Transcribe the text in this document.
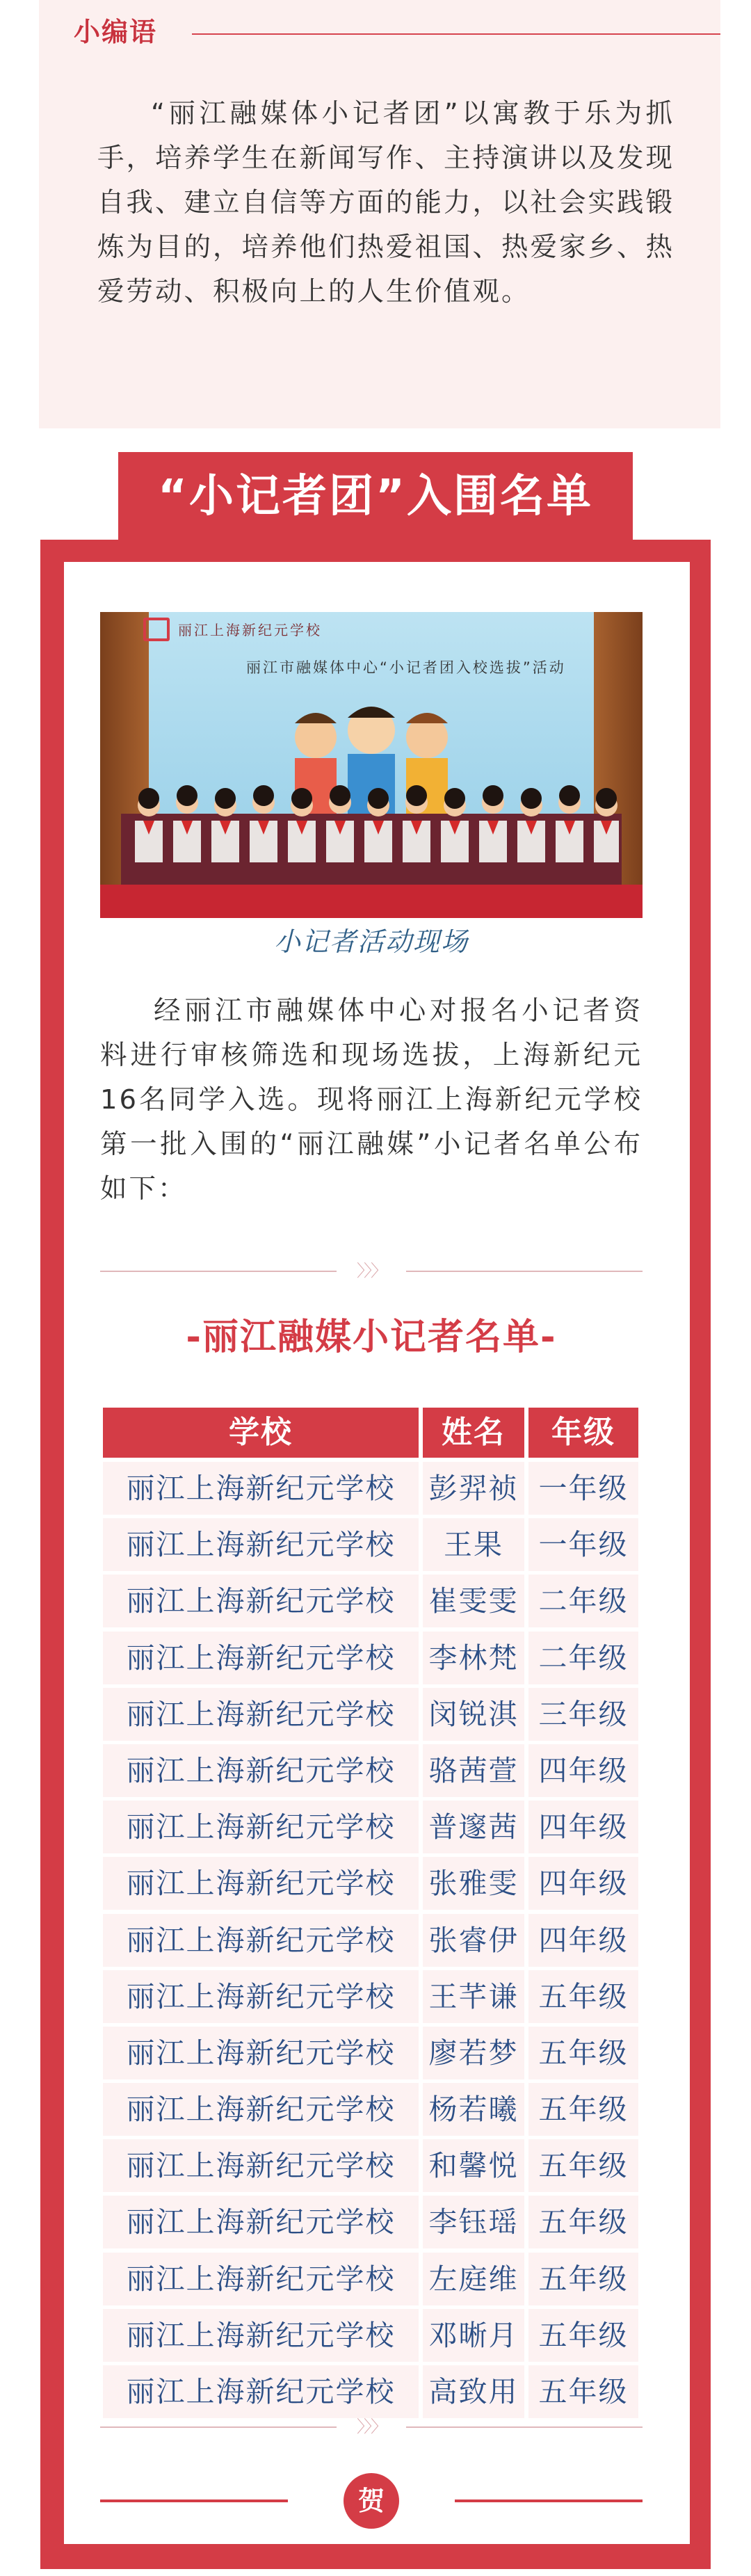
小编语

“丽江融媒体小记者团”以寓教于乐为抓手，培养学生在新闻写作、主持演讲以及发现自我、建立自信等方面的能力，以社会实践锻炼为目的，培养他们热爱祖国、热爱家乡、热爱劳动、积极向上的人生价值观。

“小记者团”入围名单
丽江上海新纪元学校
丽江市融媒体中心“小记者团入校选拔”活动
小记者活动现场

经丽江市融媒体中心对报名小记者资料进行审核筛选和现场选拔，上海新纪元16名同学入选。现将丽江上海新纪元学校第一批入围的“丽江融媒”小记者名单公布如下：

〉〉〉
-丽江融媒小记者名单-
学校	姓名	年级
丽江上海新纪元学校	彭羿祯 一年级
丽江上海新纪元学校	王果	一年级
丽江上海新纪元学校	崔雯雯 二年级
丽江上海新纪元学校	李林梵 二年级
丽江上海新纪元学校	闵锐淇 三年级
丽江上海新纪元学校	骆茜萱 四年级
丽江上海新纪元学校	普邃茜 四年级
丽江上海新纪元学校	张雅雯 四年级
丽江上海新纪元学校	张睿伊 四年级
丽江上海新纪元学校	王芊谦 五年级
丽江上海新纪元学校	廖若梦 五年级
丽江上海新纪元学校	杨若曦 五年级
丽江上海新纪元学校	和馨悦 五年级
丽江上海新纪元学校	李钰瑶 五年级
丽江上海新纪元学校	左庭维 五年级
丽江上海新纪元学校	邓晰月 五年级
丽江上海新纪元学校	高致用 五年级
〉〉〉
贺
